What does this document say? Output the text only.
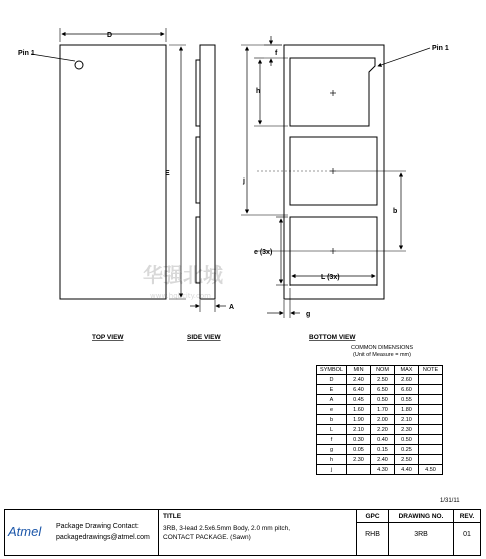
华强北城
www.hqbcity.com
Pin 1
D
E
TOP VIEW
A
SIDE VIEW
Pin 1
f
h
j
b
e (3x)
L (3x)
g
BOTTOM VIEW
COMMON DIMENSIONS
(Unit of Measure = mm)
SYMBOL	MIN	NOM	MAX	NOTE
D	2.40	2.50	2.60	
E	6.40	6.50	6.60	
A	0.45	0.50	0.55	
e	1.60	1.70	1.80	
b	1.90	2.00	2.10	
L	2.10	2.20	2.30	
f	0.30	0.40	0.50	
g	0.05	0.15	0.25	
h	2.30	2.40	2.50	
j		4.30	4.40	4.50
1/31/11
Atmel Package Drawing Contact:
packagedrawings@atmel.com
TITLE
3RB, 3-lead 2.5x6.5mm Body, 2.0 mm pitch,
CONTACT PACKAGE. (Sawn)
GPC
RHB
DRAWING NO.
3RB
REV.
01
